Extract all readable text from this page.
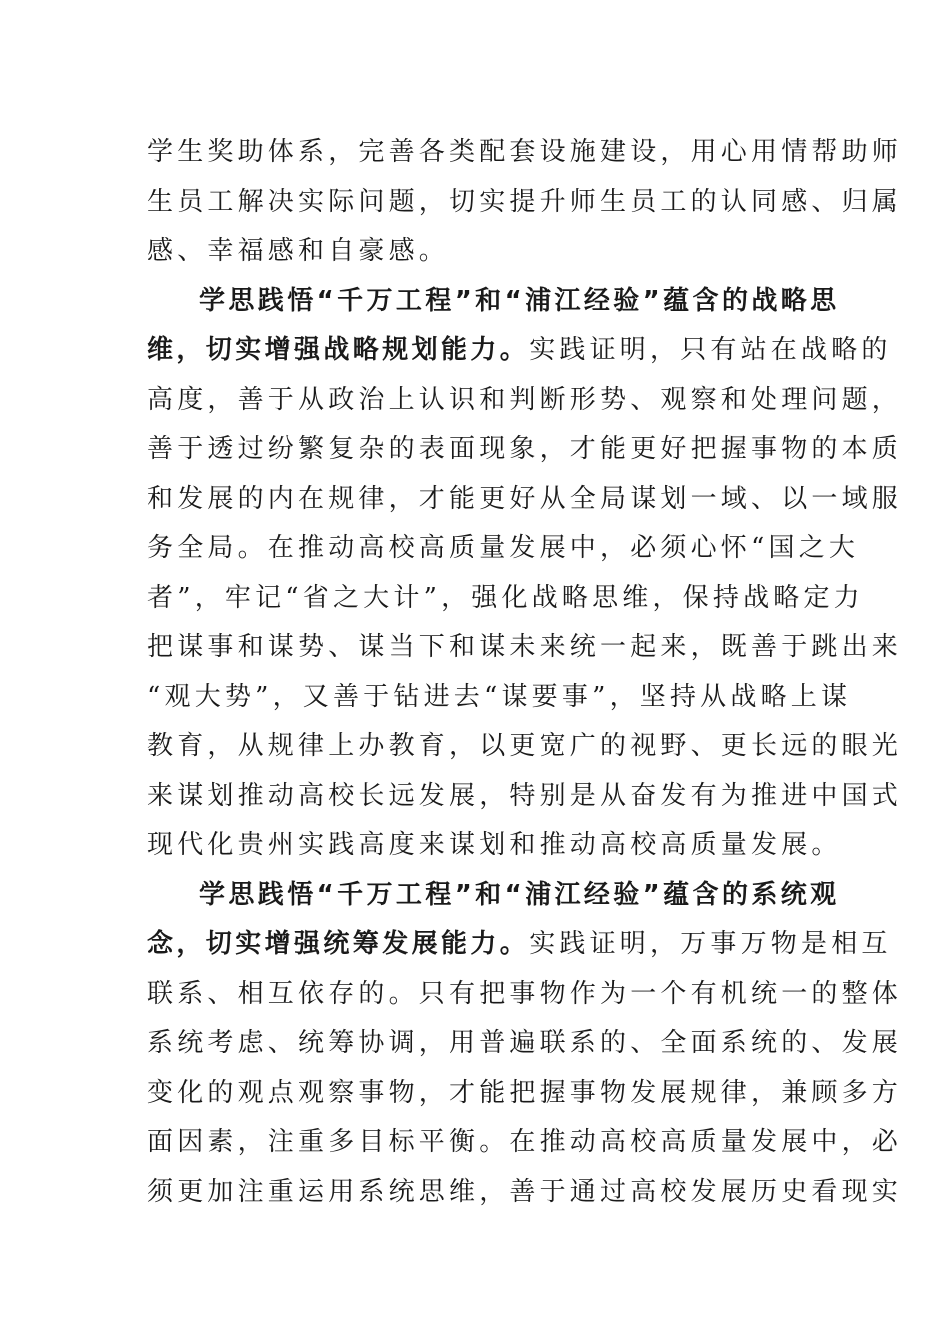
学生奖助体系，完善各类配套设施建设，用心用情帮助师
生员工解决实际问题，切实提升师生员工的认同感、归属
感、幸福感和自豪感。
学思践悟“千万工程”和“浦江经验”蕴含的战略思
维，切实增强战略规划能力。实践证明，只有站在战略的
高度，善于从政治上认识和判断形势、观察和处理问题，
善于透过纷繁复杂的表面现象，才能更好把握事物的本质
和发展的内在规律，才能更好从全局谋划一域、以一域服
务全局。在推动高校高质量发展中，必须心怀“国之大
者”，牢记“省之大计”，强化战略思维，保持战略定力
把谋事和谋势、谋当下和谋未来统一起来，既善于跳出来
“观大势”，又善于钻进去“谋要事”，坚持从战略上谋
教育，从规律上办教育，以更宽广的视野、更长远的眼光
来谋划推动高校长远发展，特别是从奋发有为推进中国式
现代化贵州实践高度来谋划和推动高校高质量发展。
学思践悟“千万工程”和“浦江经验”蕴含的系统观
念，切实增强统筹发展能力。实践证明，万事万物是相互
联系、相互依存的。只有把事物作为一个有机统一的整体
系统考虑、统筹协调，用普遍联系的、全面系统的、发展
变化的观点观察事物，才能把握事物发展规律，兼顾多方
面因素，注重多目标平衡。在推动高校高质量发展中，必
须更加注重运用系统思维，善于通过高校发展历史看现实
